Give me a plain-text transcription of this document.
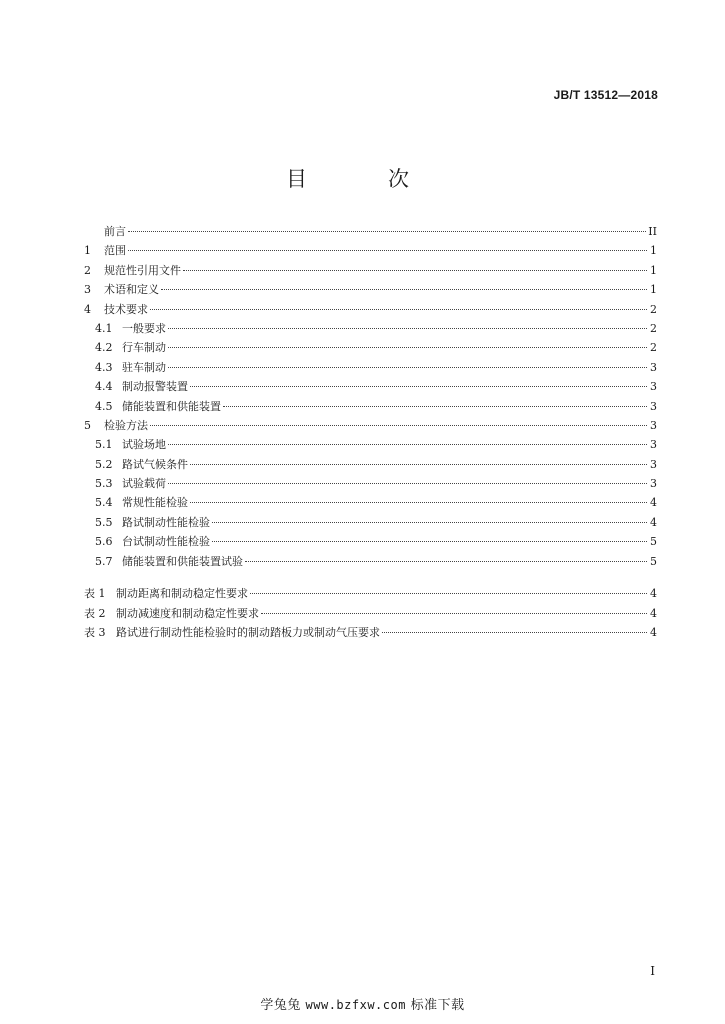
JB/T 13512—2018
目　次
前言	II
1	范围	1
2	规范性引用文件	1
3	术语和定义	1
4	技术要求	2
4.1 一般要求	2
4.2 行车制动	2
4.3 驻车制动	3
4.4 制动报警装置	3
4.5 储能装置和供能装置	3
5	检验方法	3
5.1 试验场地	3
5.2 路试气候条件	3
5.3 试验载荷	3
5.4 常规性能检验	4
5.5 路试制动性能检验	4
5.6 台试制动性能检验	5
5.7 储能装置和供能装置试验	5
表 1 制动距离和制动稳定性要求	4
表 2 制动减速度和制动稳定性要求	4
表 3 路试进行制动性能检验时的制动踏板力或制动气压要求	4
I
学兔兔 www.bzfxw.com 标准下载
